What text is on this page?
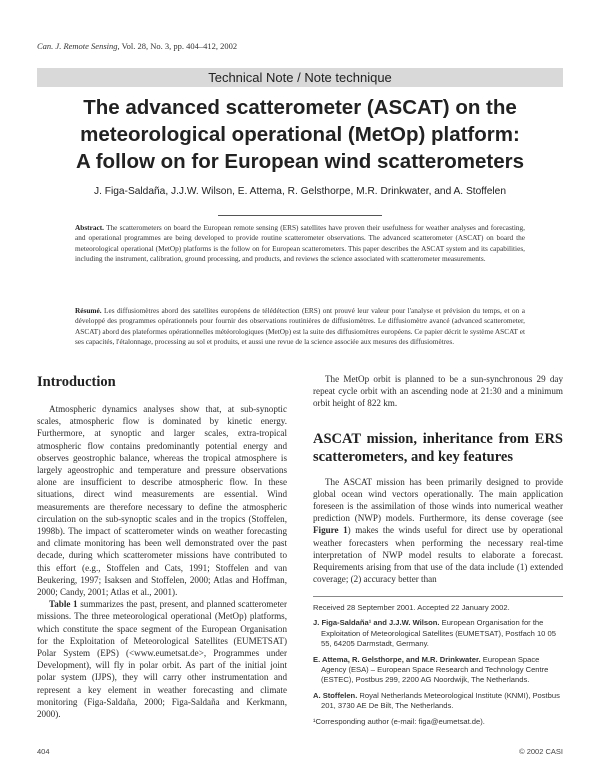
Can. J. Remote Sensing, Vol. 28, No. 3, pp. 404–412, 2002
Technical Note / Note technique
The advanced scatterometer (ASCAT) on the
meteorological operational (MetOp) platform:
A follow on for European wind scatterometers
J. Figa-Saldaña, J.J.W. Wilson, E. Attema, R. Gelsthorpe, M.R. Drinkwater, and A. Stoffelen
Abstract. The scatterometers on board the European remote sensing (ERS) satellites have proven their usefulness for weather analyses and forecasting, and operational programmes are being developed to provide routine scatterometer observations. The advanced scatterometer (ASCAT) on board the meteorological operational (MetOp) platforms is the follow on for European scatterometers. This paper describes the ASCAT system and its capabilities, including the instrument, calibration, ground processing, and products, and reviews the science associated with scatterometer measurements.
Résumé. Les diffusiomètres abord des satellites européens de télédétection (ERS) ont prouvé leur valeur pour l'analyse et prévision du temps, et on a développé des programmes opérationnels pour fournir des observations routinières de diffusiomètres. Le diffusiomètre avancé (advanced scatterometer, ASCAT) abord des plateformes opérationnelles météorologiques (MetOp) est la suite des diffusiomètres européens. Ce papier décrit le système ASCAT et ses capacités, l'étalonnage, processing au sol et produits, et aussi une revue de la science associée aux mesures des diffusiomètres.
Introduction

Atmospheric dynamics analyses show that, at sub-synoptic scales, atmospheric flow is dominated by kinetic energy. Furthermore, at synoptic and larger scales, extra-tropical atmospheric flow contains predominantly potential energy and observes geostrophic balance, whereas the tropical atmosphere is largely ageostrophic and temperature and pressure observations alone are insufficient to describe atmospheric flow. In these situations, direct wind measurements are essential. Wind measurements are therefore necessary to define the atmospheric circulation on the sub-synoptic scales and in the tropics (Stoffelen, 1998b). The impact of scatterometer winds on weather forecasting and climate monitoring has been well demonstrated over the past decade, during which scatterometer missions have contributed to this effort (e.g., Stoffelen and Cats, 1991; Stoffelen and van Beukering, 1997; Isaksen and Stoffelen, 2000; Atlas and Hoffman, 2000; Candy, 2001; Atlas et al., 2001).

Table 1 summarizes the past, present, and planned scatterometer missions. The three meteorological operational (MetOp) platforms, which constitute the space segment of the European Organisation for the Exploitation of Meteorological Satellites (EUMETSAT) Polar System (EPS) (<www.eumetsat.de>, Programmes under Development), will fly in polar orbit. As part of the initial joint polar system (IJPS), they will carry other instrumentation and represent a key element in weather forecasting and climate monitoring (Figa-Saldaña, 2000; Figa-Saldaña and Kerkmann, 2000).

The MetOp orbit is planned to be a sun-synchronous 29 day repeat cycle orbit with an ascending node at 21:30 and a minimum orbit height of 822 km.

ASCAT mission, inheritance from ERS scatterometers, and key features

The ASCAT mission has been primarily designed to provide global ocean wind vectors operationally. The main application foreseen is the assimilation of those winds into numerical weather prediction (NWP) models. Furthermore, its dense coverage (see Figure 1) makes the winds useful for direct use by operational weather forecasters when performing the necessary real-time interpretation of NWP model results to elaborate a forecast. Requirements arising from that use of the data include (1) extended coverage; (2) accuracy better than

Received 28 September 2001. Accepted 22 January 2002.

J. Figa-Saldaña¹ and J.J.W. Wilson. European Organisation for the Exploitation of Meteorological Satellites (EUMETSAT), Postfach 10 05 55, 64205 Darmstadt, Germany.

E. Attema, R. Gelsthorpe, and M.R. Drinkwater. European Space Agency (ESA) – European Space Research and Technology Centre (ESTEC), Postbus 299, 2200 AG Noordwijk, The Netherlands.

A. Stoffelen. Royal Netherlands Meteorological Institute (KNMI), Postbus 201, 3730 AE De Bilt, The Netherlands.

¹Corresponding author (e-mail: figa@eumetsat.de).

404	© 2002 CASI
